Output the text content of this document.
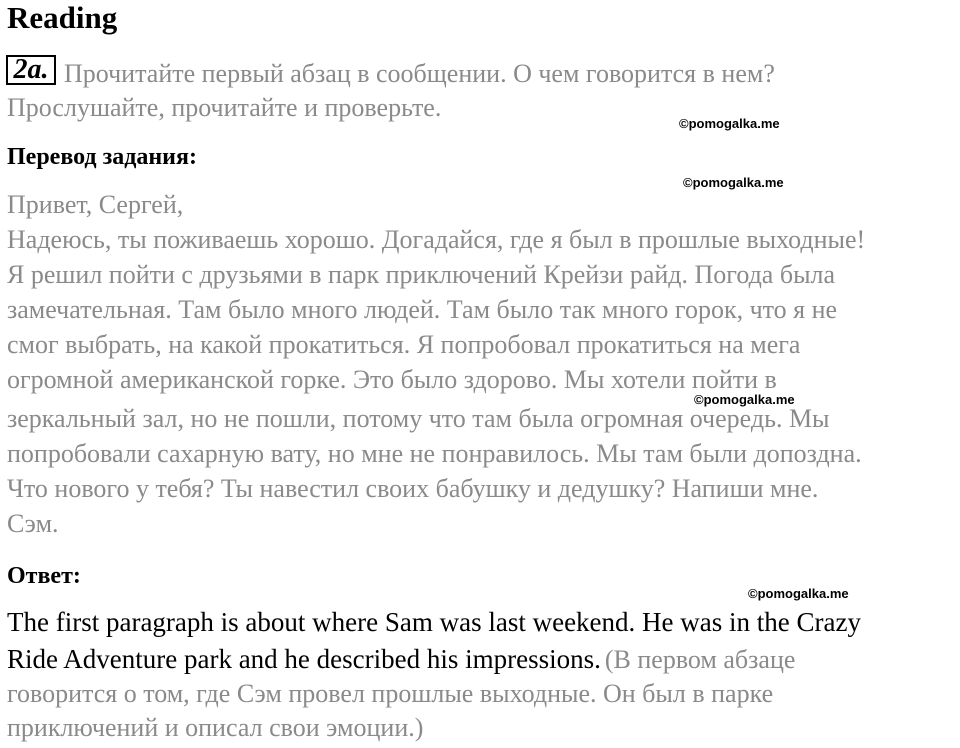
Reading
2a. Прочитайте первый абзац в сообщении. О чем говорится в нем?
Прослушайте, прочитайте и проверьте.
©pomogalka.me
Перевод задания:
©pomogalka.me
Привет, Сергей,
Надеюсь, ты поживаешь хорошо. Догадайся, где я был в прошлые выходные!
Я решил пойти с друзьями в парк приключений Крейзи райд. Погода была
замечательная. Там было много людей. Там было так много горок, что я не
смог выбрать, на какой прокатиться. Я попробовал прокатиться на мега
огромной американской горке. Это было здорово. Мы хотели пойти в
©pomogalka.me
зеркальный зал, но не пошли, потому что там была огромная очередь. Мы
попробовали сахарную вату, но мне не понравилось. Мы там были допоздна.
Что нового у тебя? Ты навестил своих бабушку и дедушку? Напиши мне.
Сэм.
Ответ:
©pomogalka.me
The first paragraph is about where Sam was last weekend. He was in the Crazy
Ride Adventure park and he described his impressions. (В первом абзаце
говорится о том, где Сэм провел прошлые выходные. Он был в парке
приключений и описал свои эмоции.)
